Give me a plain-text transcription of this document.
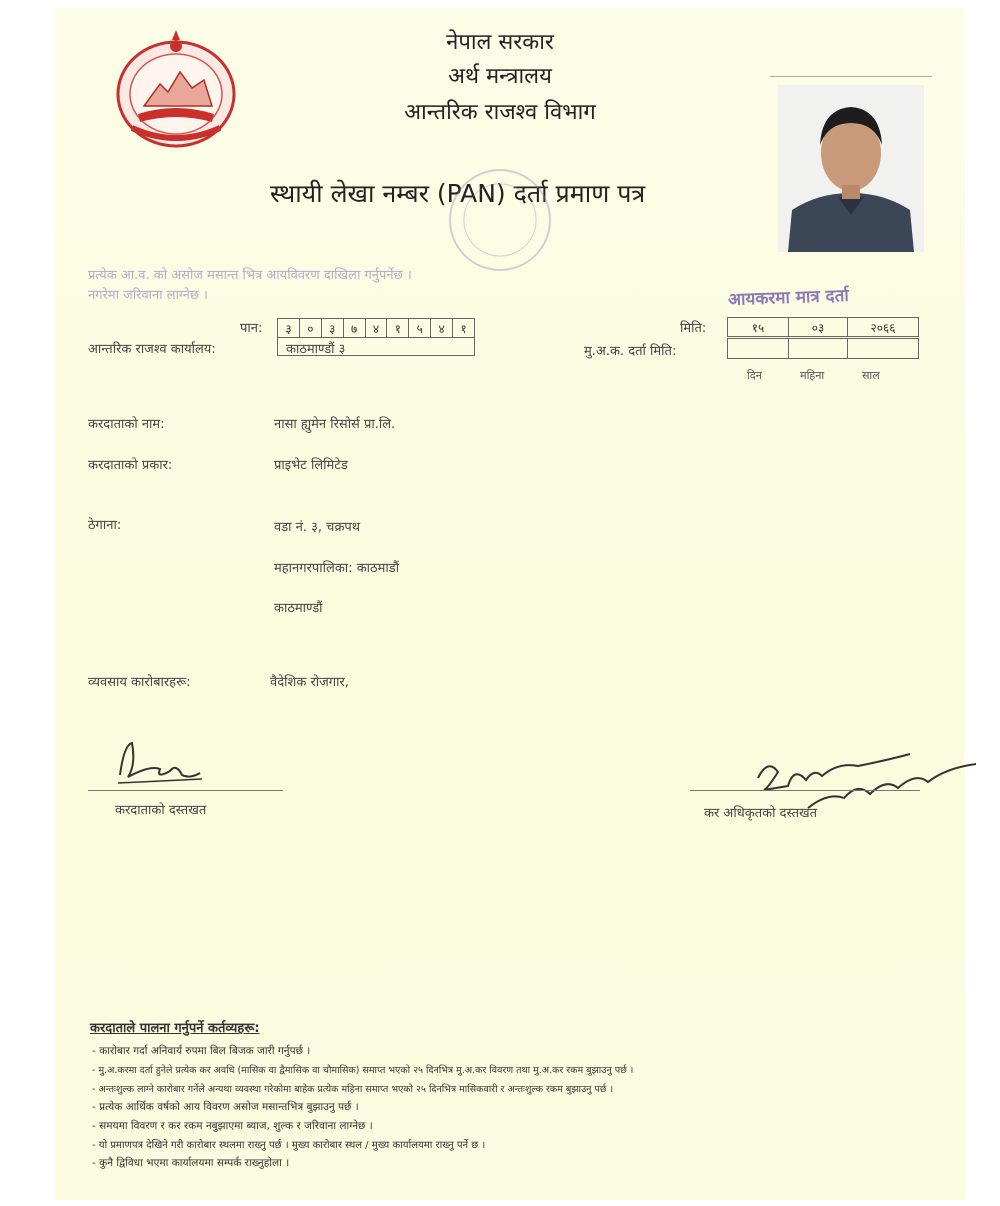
नेपाल सरकार
अर्थ मन्त्रालय
आन्तरिक राजश्व विभाग
स्थायी लेखा नम्बर (PAN) दर्ता प्रमाण पत्र
प्रत्येक आ.व. को असोज मसान्त भित्र आयविवरण दाखिला गर्नुपर्नेछ । नगरेमा जरिवाना लाग्नेछ ।
पान:	३	०	३	७	४	१	५	४	१
आन्तरिक राजश्व कार्यालय:	काठमाण्डौं ३
आयकरमा मात्र दर्ता
मिति:	१५	०३	२०६६
मु.अ.क. दर्ता मिति:
दिन	महिना	साल
करदाताको नाम:	नासा ह्युमेन रिसोर्स प्रा.लि.
करदाताको प्रकार:	प्राइभेट लिमिटेड
ठेगाना:	वडा नं. ३, चक्रपथ
महानगरपालिका: काठमाडौं
काठमाण्डौं
व्यवसाय कारोबारहरू:	वैदेशिक रोजगार,
करदाताको दस्तखत	कर अधिकृतको दस्तखत
करदाताले पालना गर्नुपर्ने कर्तव्यहरू:
- कारोबार गर्दा अनिवार्य रुपमा बिल बिजक जारी गर्नुपर्छ ।
- मु.अ.करमा दर्ता हुनेले प्रत्येक कर अवधि (मासिक वा द्वैमासिक वा चौमासिक) समाप्त भएको २५ दिनभित्र मु.अ.कर विवरण तथा मु.अ.कर रकम बुझाउनु पर्छ ।
- अन्तःशुल्क लाग्ने कारोबार गर्नेले अन्यथा व्यवस्था गरेकोमा बाहेक प्रत्येक महिना समाप्त भएको २५ दिनभित्र मासिकवारी र अन्तःशुल्क रकम बुझाउनु पर्छ ।
- प्रत्येक आर्थिक वर्षको आय विवरण असोज मसान्तभित्र बुझाउनु पर्छ ।
- समयमा विवरण र कर रकम नबुझाएमा ब्याज, शुल्क र जरिवाना लाग्नेछ ।
- यो प्रमाणपत्र देखिने गरी कारोबार स्थलमा राख्नु पर्छ । मुख्य कारोबार स्थल / मुख्य कार्यालयमा राख्नु पर्ने छ ।
- कुनै द्विविधा भएमा कार्यालयमा सम्पर्क राख्नुहोला ।
